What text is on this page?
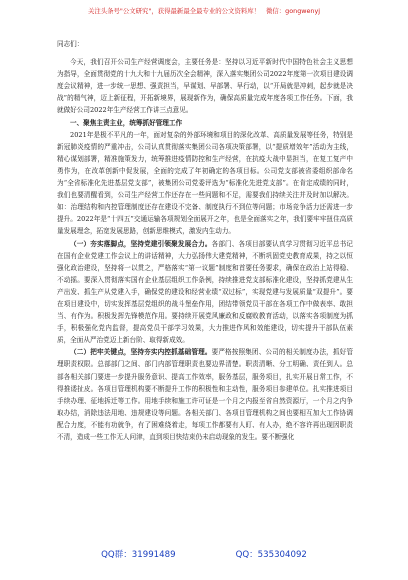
关注头条号"公文研究"，获得最新最全最专业的公文资料库！ 微信：gongwenyj
同志们：

今天，我们召开公司生产经营调度会，主要任务是：坚持以习近平新时代中国特色社会主义思想为指导，全面贯彻党的十九大和十九届历次全会精神，深入落实集团公司2022年度第一次项目建设调度会议精神，进一步统一思想、强责担当，早谋划、早部署、早行动，以“开局就是冲刺，起步就是决战”的精气神，迈上新征程，开拓新境界，展现新作为，确保高质量完成年度各项工作任务。下面，我就做好公司2022年生产经营工作讲三点意见。

一、聚焦主责主业，统筹抓好管理工作

2021年是极不平凡的一年，面对复杂的外部环境和项目的深化改革、高质量发展等任务，特别是新冠肺炎疫情的严重冲击，公司认真贯彻落实集团公司各项决策部署，以“提质增效年”活动为主线，精心谋划部署，精准施策发力，统筹推进疫情防控和生产经营，在抗疫大战中显担当，在复工复产中勇作为，在改革创新中促发展，全面的完成了年初确定的各项目标。公司党支部被省委组织部命名为“全省标准化先进基层党支部”，被集团公司党委评选为“标准化先进党支部”。在肯定成绩的同时，我们也要清醒看到，公司生产经营工作还存在一些问题和不足，需要我们持续关注并及时加以解决。如：治理结构和内控管理制度还存在建设不完备、制度执行不到位等问题；市场竞争活力还需进一步提升。2022年是“十四五”交通运输各项规划全面展开之年，也是全面落实之年，我们要牢牢扭住高质量发展理念，拓宽发展思路，创新思维模式，激发内生动力。

（一）夯实落脚点，坚持党建引领聚发展合力。各部门、各项目部要认真学习贯彻习近平总书记在国有企业党建工作会议上的讲话精神，大力弘扬伟大建党精神，不断巩固党史教育成果，持之以恒强化政治建设，坚持将一以贯之，严格落实“第一议题”制度和首要任务要求，确保在政治上站得稳、不动摇。要深入贯彻落实国有企业基层组织工作条例，持续推进党支部标准化建设，坚持抓党建从生产出发、抓生产从党建入手，确保党的建设和经营业绩“双过标”，实现党建与发展质量“双提升”。要在项目建设中，切实发挥基层党组织的战斗堡垒作用，团结带领党员干部在各项工作中做表率、敢担当、有作为。积极发挥先锋模范作用。要持续开展党风廉政和反腐败教育活动，以落实各项制度为抓手，积极强化党内监督，提高党员干部学习效果，大力推进作风和效能建设，切实提升干部队伍素质，全面从严治党迈上新台阶、取得新成效。

（二）把牢关键点，坚持夯实内控抓基础管理。要严格按照集团、公司的相关制度办法，抓好管理职责权限。总部部门之间、部门内部管理职责也要边界清楚。职责清晰、分工明确、责任到人。总部各相关部门要进一步提升服务意识、提高工作效率，服务基层，服务项目，扎实开展日常工作，不得推诿扯皮。各项目管理机构要不断提升工作的积极性和主动性，服务项目参建单位。扎实推进项目手续办理、征地拆迁等工作。用地手续和施工许可证是一个月之内报至省自然资源厅，一个月之内争取办结，消除违法用地、违规建设等问题。各相关部门、各项目管理机构之间也要相互加大工作协调配合力度，不能有功就争，有了困难绕着走，每项工作都要有人盯、有人办，绝不容许再出现因职责不清，造成一些工作无人问津，直到项目快结束仍未启动现象的发生。要不断强化

QQ群：31991489	QQ：535304092
